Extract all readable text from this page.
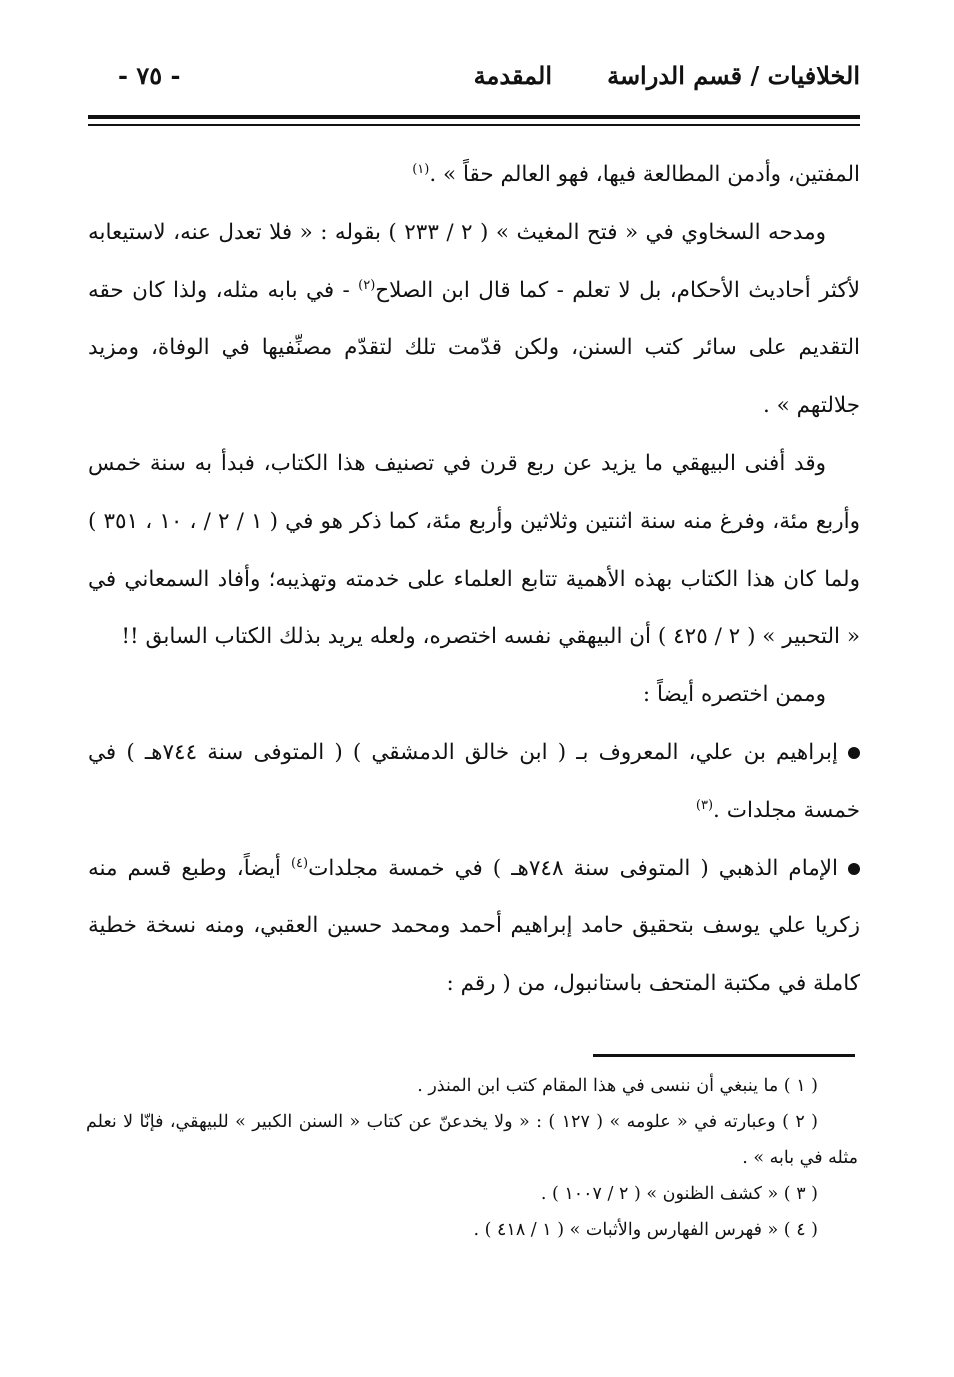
الخلافيات / قسم الدراسة
المقدمة
- ٧٥ -

المفتين، وأدمن المطالعة فيها، فهو العالم حقاً » .$^{(١)}$

ومدحه السخاوي في « فتح المغيث » ( ٢ / ٢٣٣ ) بقوله : « فلا تعدل عنه، لاستيعابه لأكثر أحاديث الأحكام، بل لا تعلم - كما قال ابن الصلاح$^{(٢)}$ - في بابه مثله، ولذا كان حقه التقديم على سائر كتب السنن، ولكن قدّمت تلك لتقدّم مصنِّفيها في الوفاة، ومزيد جلالتهم » .

وقد أفنى البيهقي ما يزيد عن ربع قرن في تصنيف هذا الكتاب، فبدأ به سنة خمس وأربع مئة، وفرغ منه سنة اثنتين وثلاثين وأربع مئة، كما ذكر هو في ( ١ / ٢ / ، ١٠ ، ٣٥١ ) ولما كان هذا الكتاب بهذه الأهمية تتابع العلماء على خدمته وتهذيبه؛ وأفاد السمعاني في « التحبير » ( ٢ / ٤٢٥ ) أن البيهقي نفسه اختصره، ولعله يريد بذلك الكتاب السابق !!

وممن اختصره أيضاً :

إبراهيم بن علي، المعروف بـ ( ابن خالق الدمشقي ) ( المتوفى سنة ٧٤٤هـ ) في خمسة مجلدات .$^{(٣)}$

الإمام الذهبي ( المتوفى سنة ٧٤٨هـ ) في خمسة مجلدات$^{(٤)}$ أيضاً، وطبع قسم منه زكريا علي يوسف بتحقيق حامد إبراهيم أحمد ومحمد حسين العقبي، ومنه نسخة خطية كاملة في مكتبة المتحف باستانبول، من ( رقم :

( ١ ) ما ينبغي أن ننسى في هذا المقام كتب ابن المنذر .

( ٢ ) وعبارته في « علومه » ( ١٢٧ ) : « ولا يخدعنّ عن كتاب « السنن الكبير » للبيهقي، فإنّا لا نعلم مثله في بابه » .

( ٣ ) « كشف الظنون » ( ٢ / ١٠٠٧ ) .

( ٤ ) « فهرس الفهارس والأثبات » ( ١ / ٤١٨ ) .
